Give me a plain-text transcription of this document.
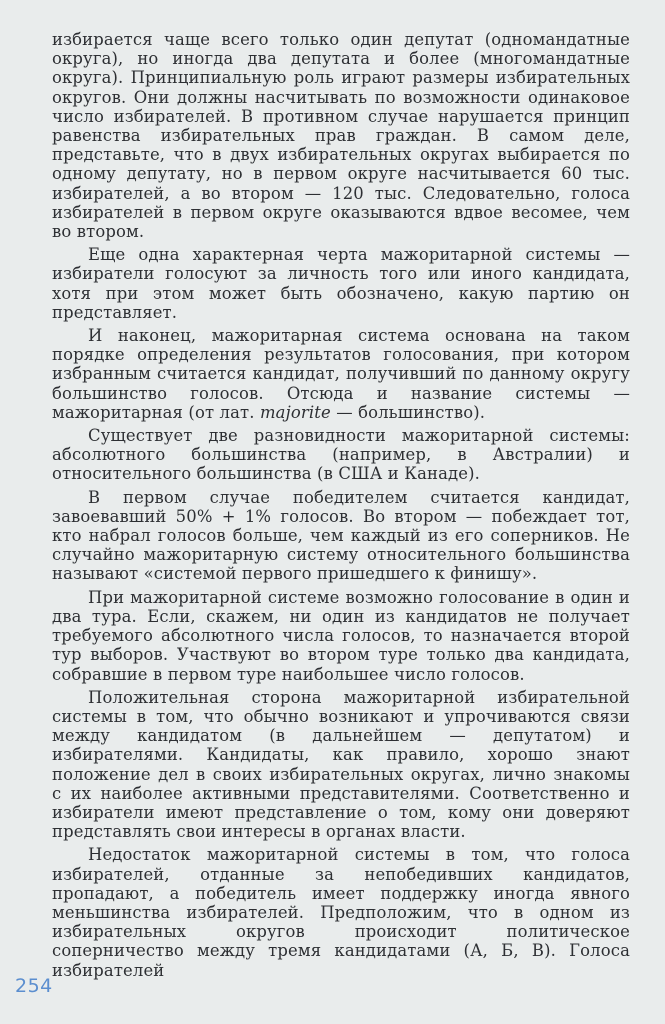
избирается чаще всего только один депутат (одномандатные округа), но иногда два депутата и более (многомандатные округа). Принципиальную роль играют размеры избирательных округов. Они должны насчитывать по возможности одинаковое число избирателей. В противном случае нарушается принцип равенства избирательных прав граждан. В самом деле, представьте, что в двух избирательных округах выбирается по одному депутату, но в первом округе насчитывается 60 тыс. избирателей, а во втором — 120 тыс. Следовательно, голоса избирателей в первом округе оказываются вдвое весомее, чем во втором.

Еще одна характерная черта мажоритарной системы — избиратели голосуют за личность того или иного кандидата, хотя при этом может быть обозначено, какую партию он представляет.

И наконец, мажоритарная система основана на таком порядке определения результатов голосования, при котором избранным считается кандидат, получивший по данному округу большинство голосов. Отсюда и название системы — мажоритарная (от лат. majorite — большинство).

Существует две разновидности мажоритарной системы: абсолютного большинства (например, в Австралии) и относительного большинства (в США и Канаде).

В первом случае победителем считается кандидат, завоевавший 50% + 1% голосов. Во втором — побеждает тот, кто набрал голосов больше, чем каждый из его соперников. Не случайно мажоритарную систему относительного большинства называют «системой первого пришедшего к финишу».

При мажоритарной системе возможно голосование в один и два тура. Если, скажем, ни один из кандидатов не получает требуемого абсолютного числа голосов, то назначается второй тур выборов. Участвуют во втором туре только два кандидата, собравшие в первом туре наибольшее число голосов.

Положительная сторона мажоритарной избирательной системы в том, что обычно возникают и упрочиваются связи между кандидатом (в дальнейшем — депутатом) и избирателями. Кандидаты, как правило, хорошо знают положение дел в своих избирательных округах, лично знакомы с их наиболее активными представителями. Соответственно и избиратели имеют представление о том, кому они доверяют представлять свои интересы в органах власти.

Недостаток мажоритарной системы в том, что голоса избирателей, отданные за непобедивших кандидатов, пропадают, а победитель имеет поддержку иногда явного меньшинства избирателей. Предположим, что в одном из избирательных округов происходит политическое соперничество между тремя кандидатами (А, Б, В). Голоса избирателей

254
